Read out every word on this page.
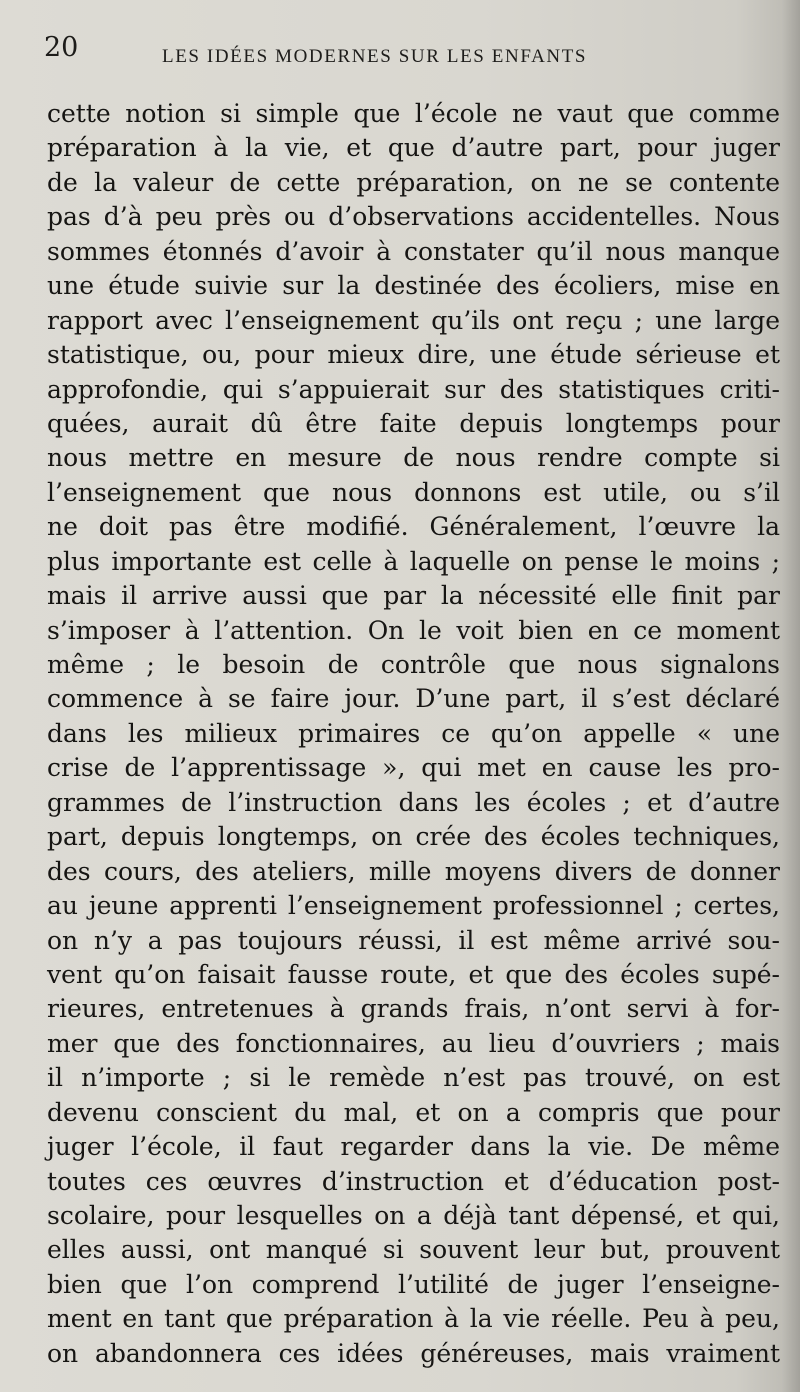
20	LES IDÉES MODERNES SUR LES ENFANTS
cette notion si simple que l’école ne vaut que comme
préparation à la vie, et que d’autre part, pour juger
de la valeur de cette préparation, on ne se contente
pas d’à peu près ou d’observations accidentelles. Nous
sommes étonnés d’avoir à constater qu’il nous manque
une étude suivie sur la destinée des écoliers, mise en
rapport avec l’enseignement qu’ils ont reçu ; une large
statistique, ou, pour mieux dire, une étude sérieuse et
approfondie, qui s’appuierait sur des statistiques criti-
quées, aurait dû être faite depuis longtemps pour
nous mettre en mesure de nous rendre compte si
l’enseignement que nous donnons est utile, ou s’il
ne doit pas être modifié. Généralement, l’œuvre la
plus importante est celle à laquelle on pense le moins ;
mais il arrive aussi que par la nécessité elle finit par
s’imposer à l’attention. On le voit bien en ce moment
même ; le besoin de contrôle que nous signalons
commence à se faire jour. D’une part, il s’est déclaré
dans les milieux primaires ce qu’on appelle « une
crise de l’apprentissage », qui met en cause les pro-
grammes de l’instruction dans les écoles ; et d’autre
part, depuis longtemps, on crée des écoles techniques,
des cours, des ateliers, mille moyens divers de donner
au jeune apprenti l’enseignement professionnel ; certes,
on n’y a pas toujours réussi, il est même arrivé sou-
vent qu’on faisait fausse route, et que des écoles supé-
rieures, entretenues à grands frais, n’ont servi à for-
mer que des fonctionnaires, au lieu d’ouvriers ; mais
il n’importe ; si le remède n’est pas trouvé, on est
devenu conscient du mal, et on a compris que pour
juger l’école, il faut regarder dans la vie. De même
toutes ces œuvres d’instruction et d’éducation post-
scolaire, pour lesquelles on a déjà tant dépensé, et qui,
elles aussi, ont manqué si souvent leur but, prouvent
bien que l’on comprend l’utilité de juger l’enseigne-
ment en tant que préparation à la vie réelle. Peu à peu,
on abandonnera ces idées généreuses, mais vraiment
